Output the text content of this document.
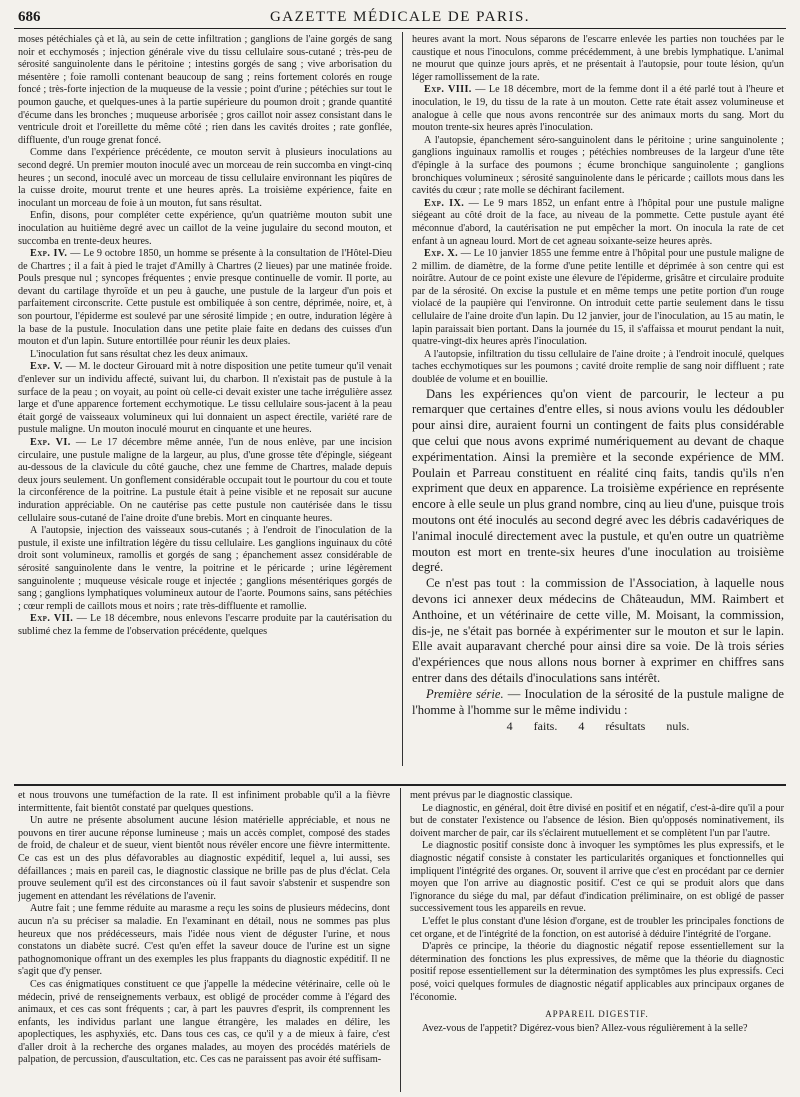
686	GAZETTE MÉDICALE DE PARIS.

moses pétéchiales çà et là, au sein de cette infiltration ; ganglions de l'aine gorgés de sang noir et ecchymosés ; injection générale vive du tissu cellulaire sous-cutané ; très-peu de sérosité sanguinolente dans le péritoine ; intestins gorgés de sang ; vive arborisation du mésentère ; foie ramolli contenant beaucoup de sang ; reins fortement colorés en rouge foncé ; très-forte injection de la muqueuse de la vessie ; point d'urine ; pétéchies sur tout le poumon gauche, et quelques-unes à la partie supérieure du poumon droit ; grande quantité d'écume dans les bronches ; muqueuse arborisée ; gros caillot noir assez consistant dans le ventricule droit et l'oreillette du même côté ; rien dans les cavités droites ; rate gonflée, diffluente, d'un rouge grenat foncé.

Comme dans l'expérience précédente, ce mouton servit à plusieurs inoculations au second degré. Un premier mouton inoculé avec un morceau de rein succomba en vingt-cinq heures ; un second, inoculé avec un morceau de tissu cellulaire environnant les piqûres de la cuisse droite, mourut trente et une heures après. La troisième expérience, faite en inoculant un morceau de foie à un mouton, fut sans résultat.

Enfin, disons, pour compléter cette expérience, qu'un quatrième mouton subit une inoculation au huitième degré avec un caillot de la veine jugulaire du second mouton, et succomba en trente-deux heures.

Exp. IV. — Le 9 octobre 1850, un homme se présente à la consultation de l'Hôtel-Dieu de Chartres ; il a fait à pied le trajet d'Amilly à Chartres (2 lieues) par une matinée froide. Pouls presque nul ; syncopes fréquentes ; envie presque continuelle de vomir. Il porte, au devant du cartilage thyroïde et un peu à gauche, une pustule de la largeur d'un pois et parfaitement circonscrite. Cette pustule est ombiliquée à son centre, déprimée, noire, et, à son pourtour, l'épiderme est soulevé par une sérosité limpide ; en outre, induration légère à la base de la pustule. Inoculation dans une petite plaie faite en dedans des cuisses d'un mouton et d'un lapin. Suture entortillée pour réunir les deux plaies.

L'inoculation fut sans résultat chez les deux animaux.

Exp. V. — M. le docteur Girouard mit à notre disposition une petite tumeur qu'il venait d'enlever sur un individu affecté, suivant lui, du charbon. Il n'existait pas de pustule à la surface de la peau ; on voyait, au point où celle-ci devait exister une tache irrégulière assez large et d'une apparence fortement ecchymotique. Le tissu cellulaire sous-jacent à la peau était gorgé de vaisseaux volumineux qui lui donnaient un aspect érectile, variété rare de pustule maligne. Un mouton inoculé mourut en cinquante et une heures.

Exp. VI. — Le 17 décembre même année, l'un de nous enlève, par une incision circulaire, une pustule maligne de la largeur, au plus, d'une grosse tête d'épingle, siégeant au-dessous de la clavicule du côté gauche, chez une femme de Chartres, malade depuis deux jours seulement. Un gonflement considérable occupait tout le pourtour du cou et toute la circonférence de la poitrine. La pustule était à peine visible et ne reposait sur aucune induration appréciable. On ne cautérise pas cette pustule non cautérisée dans le tissu cellulaire sous-cutané de l'aine droite d'une brebis. Mort en cinquante heures.

A l'autopsie, injection des vaisseaux sous-cutanés ; à l'endroit de l'inoculation de la pustule, il existe une infiltration légère du tissu cellulaire. Les ganglions inguinaux du côté droit sont volumineux, ramollis et gorgés de sang ; épanchement assez considérable de sérosité sanguinolente dans le ventre, la poitrine et le péricarde ; urine légèrement sanguinolente ; muqueuse vésicale rouge et injectée ; ganglions mésentériques gorgés de sang ; ganglions lymphatiques volumineux autour de l'aorte. Poumons sains, sans pétéchies ; cœur rempli de caillots mous et noirs ; rate très-diffluente et ramollie.

Exp. VII. — Le 18 décembre, nous enlevons l'escarre produite par la cautérisation du sublimé chez la femme de l'observation précédente, quelques

heures avant la mort. Nous séparons de l'escarre enlevée les parties non touchées par le caustique et nous l'inoculons, comme précédemment, à une brebis lymphatique. L'animal ne mourut que quinze jours après, et ne présentait à l'autopsie, pour toute lésion, qu'un léger ramollissement de la rate.

Exp. VIII. — Le 18 décembre, mort de la femme dont il a été parlé tout à l'heure et inoculation, le 19, du tissu de la rate à un mouton. Cette rate était assez volumineuse et analogue à celle que nous avons rencontrée sur des animaux morts du sang. Mort du mouton trente-six heures après l'inoculation.

A l'autopsie, épanchement séro-sanguinolent dans le péritoine ; urine sanguinolente ; ganglions inguinaux ramollis et rouges ; pétéchies nombreuses de la largeur d'une tête d'épingle à la surface des poumons ; écume bronchique sanguinolente ; ganglions bronchiques volumineux ; sérosité sanguinolente dans le péricarde ; caillots mous dans les cavités du cœur ; rate molle se déchirant facilement.

Exp. IX. — Le 9 mars 1852, un enfant entre à l'hôpital pour une pustule maligne siégeant au côté droit de la face, au niveau de la pommette. Cette pustule ayant été méconnue d'abord, la cautérisation ne put empêcher la mort. On inocula la rate de cet enfant à un agneau lourd. Mort de cet agneau soixante-seize heures après.

Exp. X. — Le 10 janvier 1855 une femme entre à l'hôpital pour une pustule maligne de 2 millim. de diamètre, de la forme d'une petite lentille et déprimée à son centre qui est noirâtre. Autour de ce point existe une élevure de l'épiderme, grisâtre et circulaire produite par de la sérosité. On excise la pustule et en même temps une petite portion d'un rouge violacé de la paupière qui l'environne. On introduit cette partie seulement dans le tissu cellulaire de l'aine droite d'un lapin. Du 12 janvier, jour de l'inoculation, au 15 au matin, le lapin paraissait bien portant. Dans la journée du 15, il s'affaissa et mourut pendant la nuit, quatre-vingt-dix heures après l'inoculation.

A l'autopsie, infiltration du tissu cellulaire de l'aine droite ; à l'endroit inoculé, quelques taches ecchymotiques sur les poumons ; cavité droite remplie de sang noir diffluent ; rate doublée de volume et en bouillie.

Dans les expériences qu'on vient de parcourir, le lecteur a pu remarquer que certaines d'entre elles, si nous avions voulu les dédoubler pour ainsi dire, auraient fourni un contingent de faits plus considérable que celui que nous avons exprimé numériquement au devant de chaque expérimentation. Ainsi la première et la seconde expérience de MM. Poulain et Parreau constituent en réalité cinq faits, tandis qu'ils n'en expriment que deux en apparence. La troisième expérience en représente encore à elle seule un plus grand nombre, cinq au lieu d'une, puisque trois moutons ont été inoculés au second degré avec les débris cadavériques de l'animal inoculé directement avec la pustule, et qu'en outre un quatrième mouton est mort en trente-six heures d'une inoculation au troisième degré.

Ce n'est pas tout : la commission de l'Association, à laquelle nous devons ici annexer deux médecins de Châteaudun, MM. Raimbert et Anthoine, et un vétérinaire de cette ville, M. Moisant, la commission, dis-je, ne s'était pas bornée à expérimenter sur le mouton et sur le lapin. Elle avait auparavant cherché pour ainsi dire sa voie. De là trois séries d'expériences que nous allons nous borner à exprimer en chiffres sans entrer dans des détails d'inoculations sans intérêt.

Première série. — Inoculation de la sérosité de la pustule maligne de l'homme à l'homme sur le même individu :

4 faits. 4 résultats nuls.

et nous trouvons une tuméfaction de la rate. Il est infiniment probable qu'il a la fièvre intermittente, fait bientôt constaté par quelques questions.

Un autre ne présente absolument aucune lésion matérielle appréciable, et nous ne pouvons en tirer aucune réponse lumineuse ; mais un accès complet, composé des stades de froid, de chaleur et de sueur, vient bientôt nous révéler encore une fièvre intermittente. Ce cas est un des plus défavorables au diagnostic expéditif, lequel a, lui aussi, ses défaillances ; mais en pareil cas, le diagnostic classique ne brille pas de plus d'éclat. Cela prouve seulement qu'il est des circonstances où il faut savoir s'abstenir et suspendre son jugement en attendant les révélations de l'avenir.

Autre fait ; une femme réduite au marasme a reçu les soins de plusieurs médecins, dont aucun n'a su préciser sa maladie. En l'examinant en détail, nous ne sommes pas plus heureux que nos prédécesseurs, mais l'idée nous vient de déguster l'urine, et nous constatons un diabète sucré. C'est qu'en effet la saveur douce de l'urine est un signe pathognomonique offrant un des exemples les plus frappants du diagnostic expéditif. Il ne s'agit que d'y penser.

Ces cas énigmatiques constituent ce que j'appelle la médecine vétérinaire, celle où le médecin, privé de renseignements verbaux, est obligé de procéder comme à l'égard des animaux, et ces cas sont fréquents ; car, à part les pauvres d'esprit, ils comprennent les enfants, les individus parlant une langue étrangère, les malades en délire, les apoplectiques, les asphyxiés, etc. Dans tous ces cas, ce qu'il y a de mieux à faire, c'est d'aller droit à la recherche des organes malades, au moyen des procédés matériels de palpation, de percussion, d'auscultation, etc. Ces cas ne paraissent pas avoir été suffisam-

ment prévus par le diagnostic classique.

Le diagnostic, en général, doit être divisé en positif et en négatif, c'est-à-dire qu'il a pour but de constater l'existence ou l'absence de lésion. Bien qu'opposés nominativement, ils doivent marcher de pair, car ils s'éclairent mutuellement et se complètent l'un par l'autre.

Le diagnostic positif consiste donc à invoquer les symptômes les plus expressifs, et le diagnostic négatif consiste à constater les particularités organiques et fonctionnelles qui impliquent l'intégrité des organes. Or, souvent il arrive que c'est en procédant par ce dernier moyen que l'on arrive au diagnostic positif. C'est ce qui se produit alors que dans l'ignorance du siége du mal, par défaut d'indication préliminaire, on est obligé de passer successivement tous les appareils en revue.

L'effet le plus constant d'une lésion d'organe, est de troubler les principales fonctions de cet organe, et de l'intégrité de la fonction, on est autorisé à déduire l'intégrité de l'organe.

D'après ce principe, la théorie du diagnostic négatif repose essentiellement sur la détermination des fonctions les plus expressives, de même que la théorie du diagnostic positif repose essentiellement sur la détermination des symptômes les plus expressifs. Ceci posé, voici quelques formules de diagnostic négatif applicables aux principaux organes de l'économie.

APPAREIL DIGESTIF.

Avez-vous de l'appetit? Digérez-vous bien? Allez-vous régulièrement à la selle?
